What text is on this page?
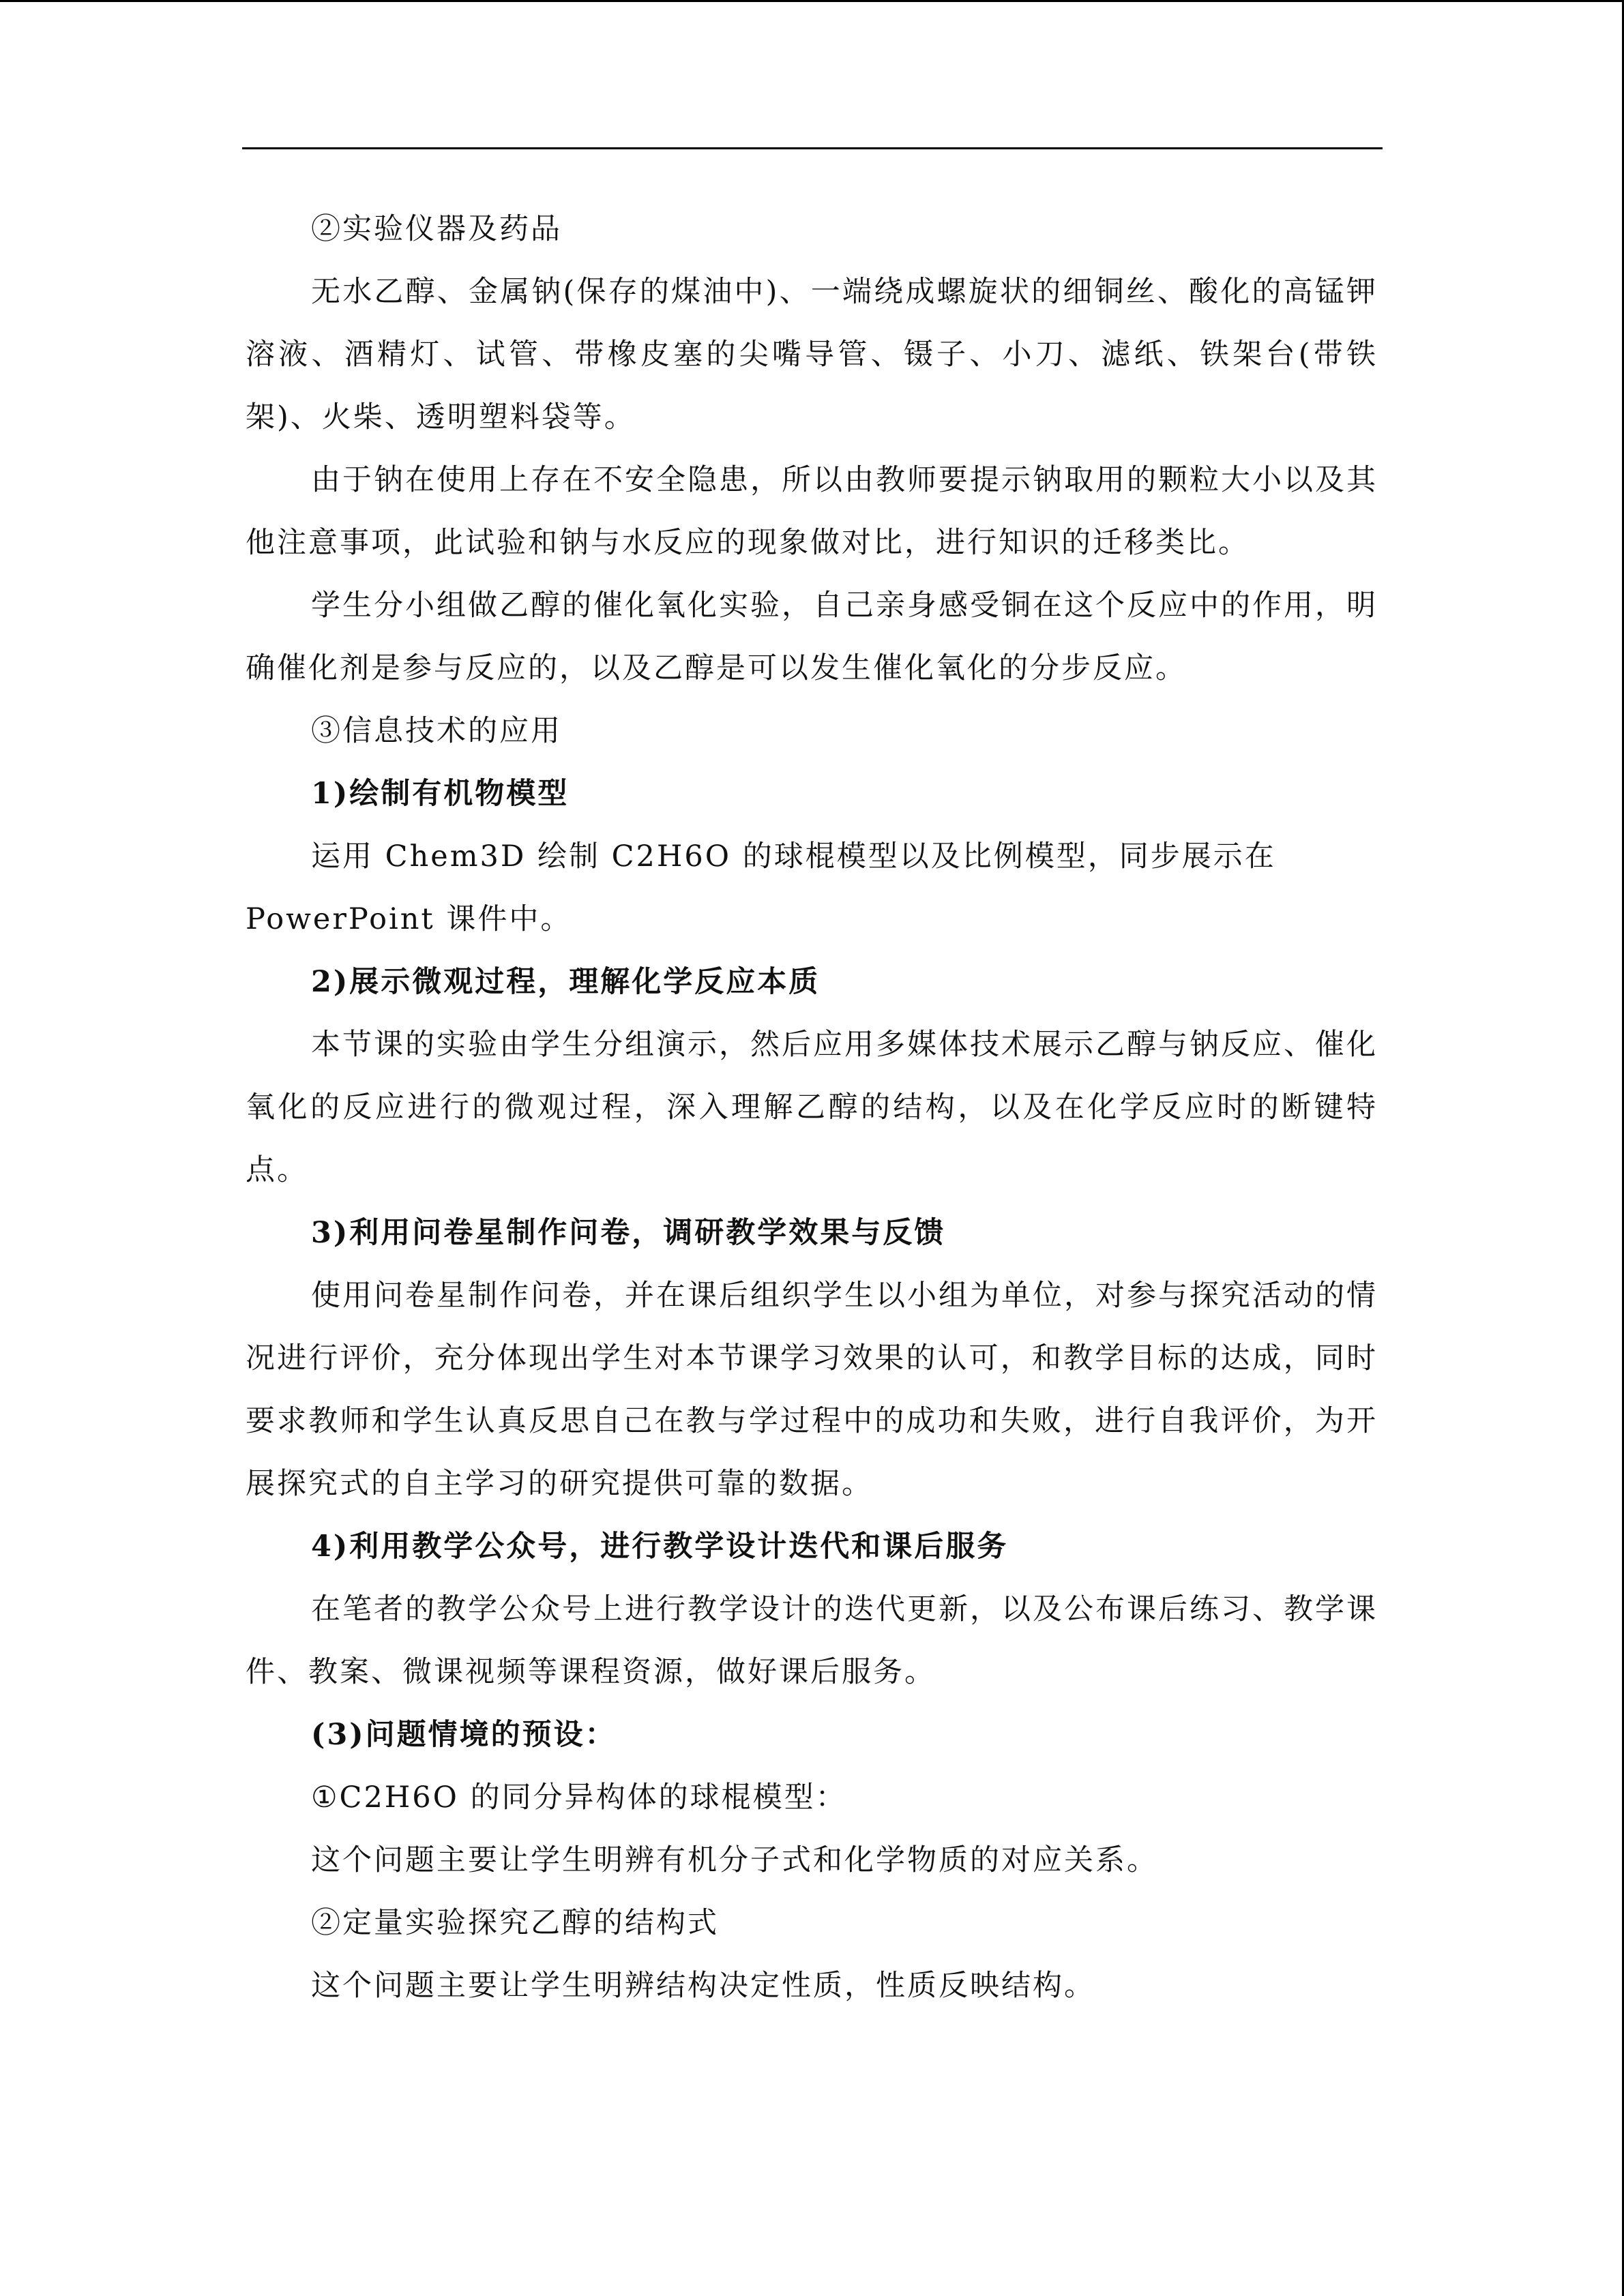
②实验仪器及药品

无水乙醇、金属钠(保存的煤油中)、一端绕成螺旋状的细铜丝、酸化的高锰钾溶液、酒精灯、试管、带橡皮塞的尖嘴导管、镊子、小刀、滤纸、铁架台(带铁架)、火柴、透明塑料袋等。

由于钠在使用上存在不安全隐患，所以由教师要提示钠取用的颗粒大小以及其他注意事项，此试验和钠与水反应的现象做对比，进行知识的迁移类比。

学生分小组做乙醇的催化氧化实验，自己亲身感受铜在这个反应中的作用，明确催化剂是参与反应的，以及乙醇是可以发生催化氧化的分步反应。

③信息技术的应用

1)绘制有机物模型

运用 Chem3D 绘制 C2H6O 的球棍模型以及比例模型，同步展示在

PowerPoint 课件中。

2)展示微观过程，理解化学反应本质

本节课的实验由学生分组演示，然后应用多媒体技术展示乙醇与钠反应、催化氧化的反应进行的微观过程，深入理解乙醇的结构，以及在化学反应时的断键特点。

3)利用问卷星制作问卷，调研教学效果与反馈

使用问卷星制作问卷，并在课后组织学生以小组为单位，对参与探究活动的情况进行评价，充分体现出学生对本节课学习效果的认可，和教学目标的达成，同时要求教师和学生认真反思自己在教与学过程中的成功和失败，进行自我评价，为开展探究式的自主学习的研究提供可靠的数据。

4)利用教学公众号，进行教学设计迭代和课后服务

在笔者的教学公众号上进行教学设计的迭代更新，以及公布课后练习、教学课件、教案、微课视频等课程资源，做好课后服务。

(3)问题情境的预设：

①C2H6O 的同分异构体的球棍模型：

这个问题主要让学生明辨有机分子式和化学物质的对应关系。

②定量实验探究乙醇的结构式

这个问题主要让学生明辨结构决定性质，性质反映结构。
